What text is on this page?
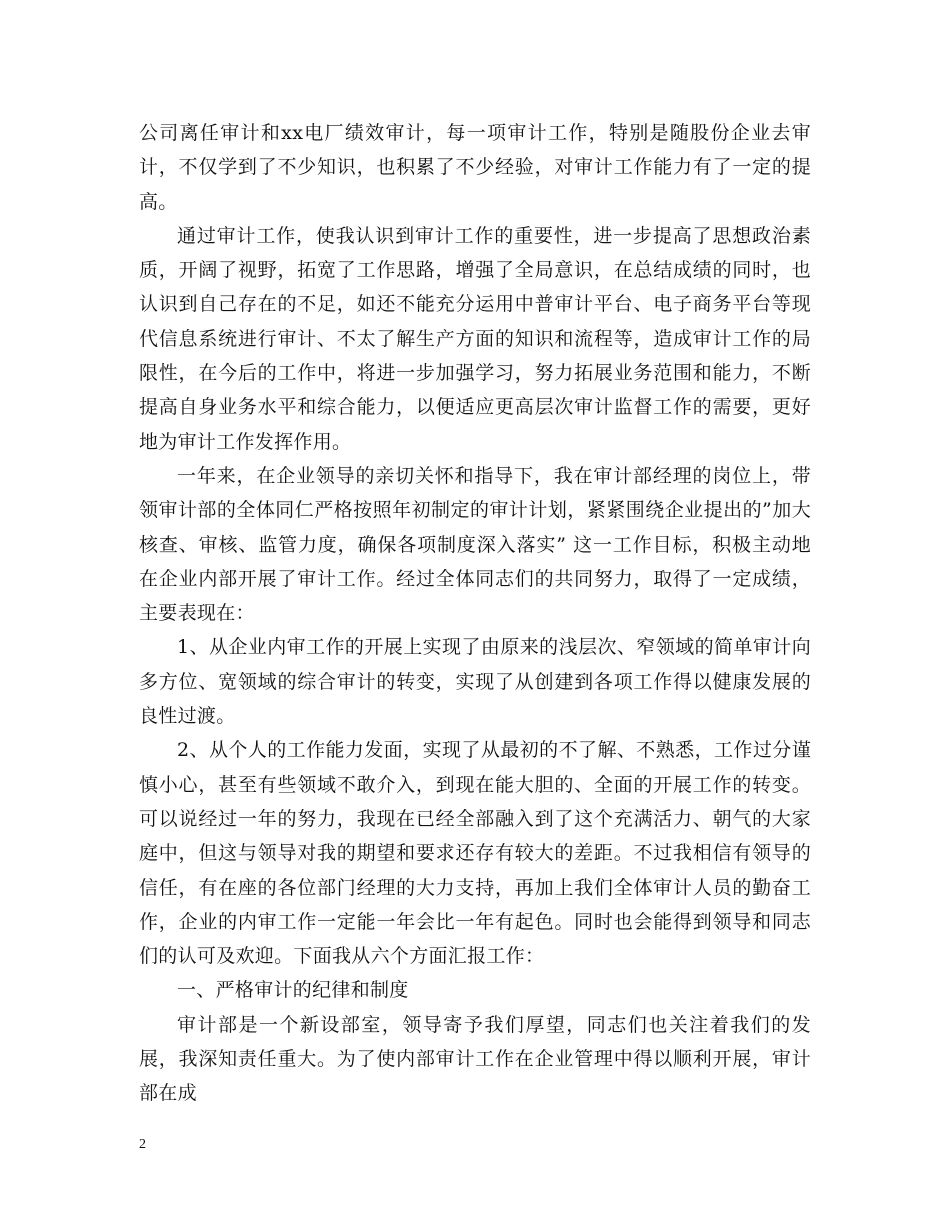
公司离任审计和xx电厂绩效审计，每一项审计工作，特别是随股份企业去审计，不仅学到了不少知识，也积累了不少经验，对审计工作能力有了一定的提高。

通过审计工作，使我认识到审计工作的重要性，进一步提高了思想政治素质，开阔了视野，拓宽了工作思路，增强了全局意识，在总结成绩的同时，也认识到自己存在的不足，如还不能充分运用中普审计平台、电子商务平台等现代信息系统进行审计、不太了解生产方面的知识和流程等，造成审计工作的局限性，在今后的工作中，将进一步加强学习，努力拓展业务范围和能力，不断提高自身业务水平和综合能力，以便适应更高层次审计监督工作的需要，更好地为审计工作发挥作用。

一年来，在企业领导的亲切关怀和指导下，我在审计部经理的岗位上，带领审计部的全体同仁严格按照年初制定的审计计划，紧紧围绕企业提出的”加大核查、审核、监管力度，确保各项制度深入落实” 这一工作目标，积极主动地在企业内部开展了审计工作。经过全体同志们的共同努力，取得了一定成绩，主要表现在：

1、从企业内审工作的开展上实现了由原来的浅层次、窄领域的简单审计向多方位、宽领域的综合审计的转变，实现了从创建到各项工作得以健康发展的良性过渡。

2、从个人的工作能力发面，实现了从最初的不了解、不熟悉，工作过分谨慎小心，甚至有些领域不敢介入，到现在能大胆的、全面的开展工作的转变。可以说经过一年的努力，我现在已经全部融入到了这个充满活力、朝气的大家庭中，但这与领导对我的期望和要求还存有较大的差距。不过我相信有领导的信任，有在座的各位部门经理的大力支持，再加上我们全体审计人员的勤奋工作，企业的内审工作一定能一年会比一年有起色。同时也会能得到领导和同志们的认可及欢迎。下面我从六个方面汇报工作：

一、严格审计的纪律和制度

审计部是一个新设部室，领导寄予我们厚望，同志们也关注着我们的发展，我深知责任重大。为了使内部审计工作在企业管理中得以顺利开展，审计部在成

2
